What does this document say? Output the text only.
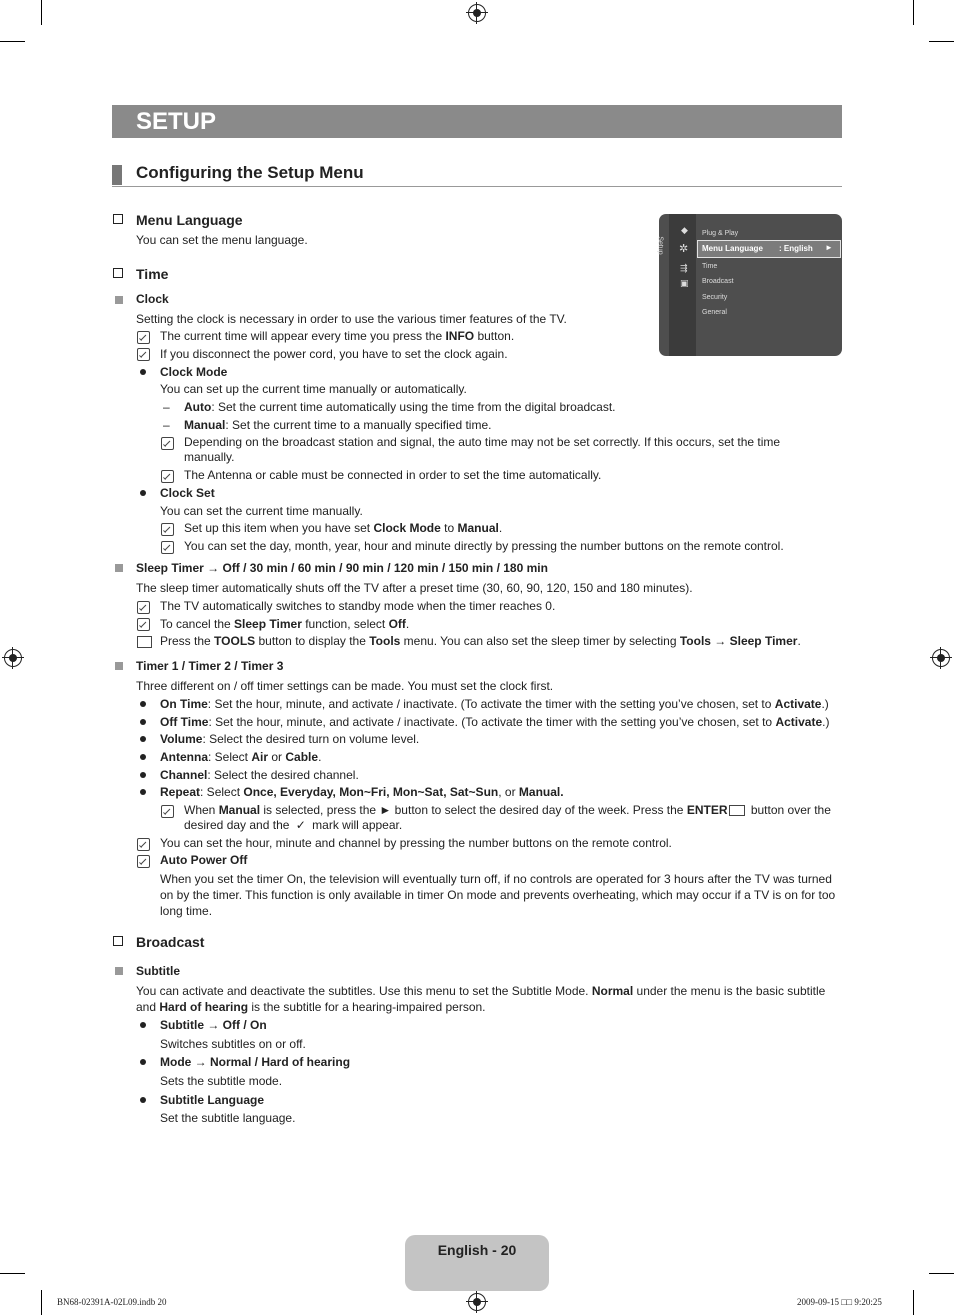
SETUP
Configuring the Setup Menu
Menu Language
You can set the menu language.	Setup
◆
✲
⇶
▣
Plug & Play
Menu Language : English ►
Time
Broadcast
Security
General
Time
Clock
Setting the clock is necessary in order to use the various timer features of the TV.
The current time will appear every time you press the INFO button.
If you disconnect the power cord, you have to set the clock again.
Clock Mode
You can set up the current time manually or automatically.
– Auto: Set the current time automatically using the time from the digital broadcast.
– Manual: Set the current time to a manually specified time.
Depending on the broadcast station and signal, the auto time may not be set correctly. If this occurs, set the time manually.
The Antenna or cable must be connected in order to set the time automatically.
Clock Set
You can set the current time manually.
Set up this item when you have set Clock Mode to Manual.
You can set the day, month, year, hour and minute directly by pressing the number buttons on the remote control.
Sleep Timer → Off / 30 min / 60 min / 90 min / 120 min / 150 min / 180 min
The sleep timer automatically shuts off the TV after a preset time (30, 60, 90, 120, 150 and 180 minutes).
The TV automatically switches to standby mode when the timer reaches 0.
To cancel the Sleep Timer function, select Off.
Press the TOOLS button to display the Tools menu. You can also set the sleep timer by selecting Tools → Sleep Timer.
Timer 1 / Timer 2 / Timer 3
Three different on / off timer settings can be made. You must set the clock first.
On Time: Set the hour, minute, and activate / inactivate. (To activate the timer with the setting you’ve chosen, set to Activate.)
Off Time: Set the hour, minute, and activate / inactivate. (To activate the timer with the setting you’ve chosen, set to Activate.)
Volume: Select the desired turn on volume level.
Antenna: Select Air or Cable.
Channel: Select the desired channel.
Repeat: Select Once, Everyday, Mon~Fri, Mon~Sat, Sat~Sun, or Manual.
When Manual is selected, press the ► button to select the desired day of the week. Press the ENTER button over the
desired day and the ✓ mark will appear.
You can set the hour, minute and channel by pressing the number buttons on the remote control.
Auto Power Off
When you set the timer On, the television will eventually turn off, if no controls are operated for 3 hours after the TV was turned on by the timer. This function is only available in timer On mode and prevents overheating, which may occur if a TV is on for too long time.
Broadcast
Subtitle
You can activate and deactivate the subtitles. Use this menu to set the Subtitle Mode. Normal under the menu is the basic subtitle and Hard of hearing is the subtitle for a hearing-impaired person.
Subtitle → Off / On
Switches subtitles on or off.
Mode → Normal / Hard of hearing
Sets the subtitle mode.
Subtitle Language
Set the subtitle language.
English - 20
BN68-02391A-02L09.indb 20	2009-09-15 □□ 9:20:25
